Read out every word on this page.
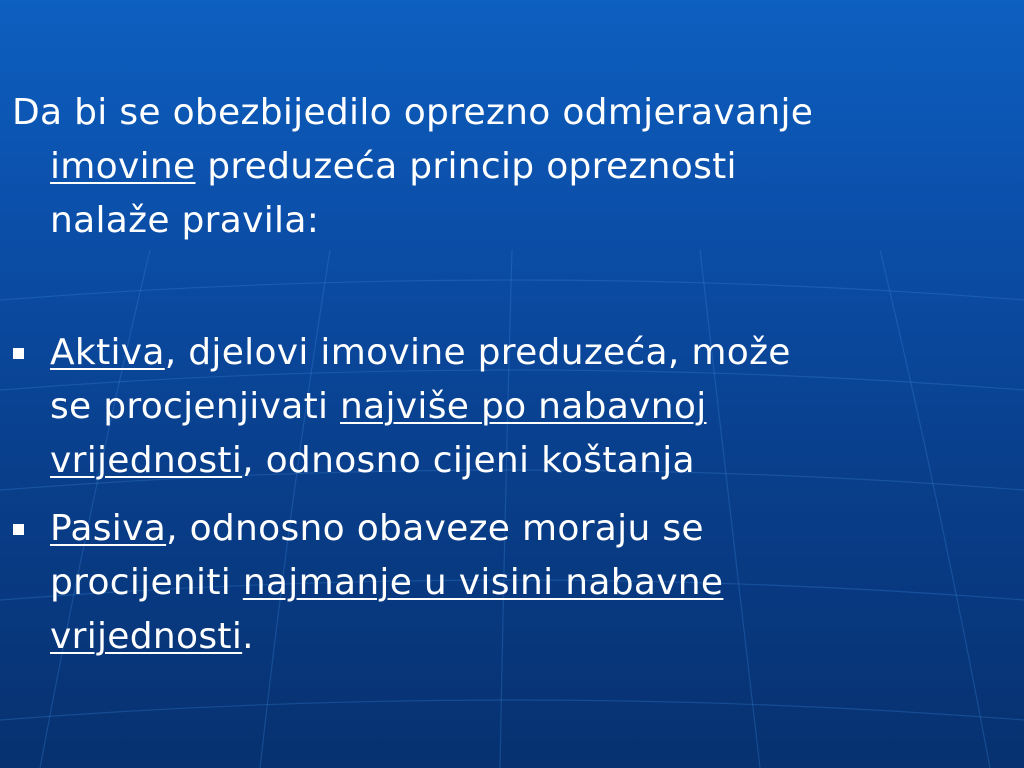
Da bi se obezbijedilo oprezno odmjeravanje
imovine preduzeća princip opreznosti
nalaže pravila:
Aktiva, djelovi imovine preduzeća, može
se procjenjivati najviše po nabavnoj
vrijednosti, odnosno cijeni koštanja
Pasiva, odnosno obaveze moraju se
procijeniti najmanje u visini nabavne
vrijednosti.
